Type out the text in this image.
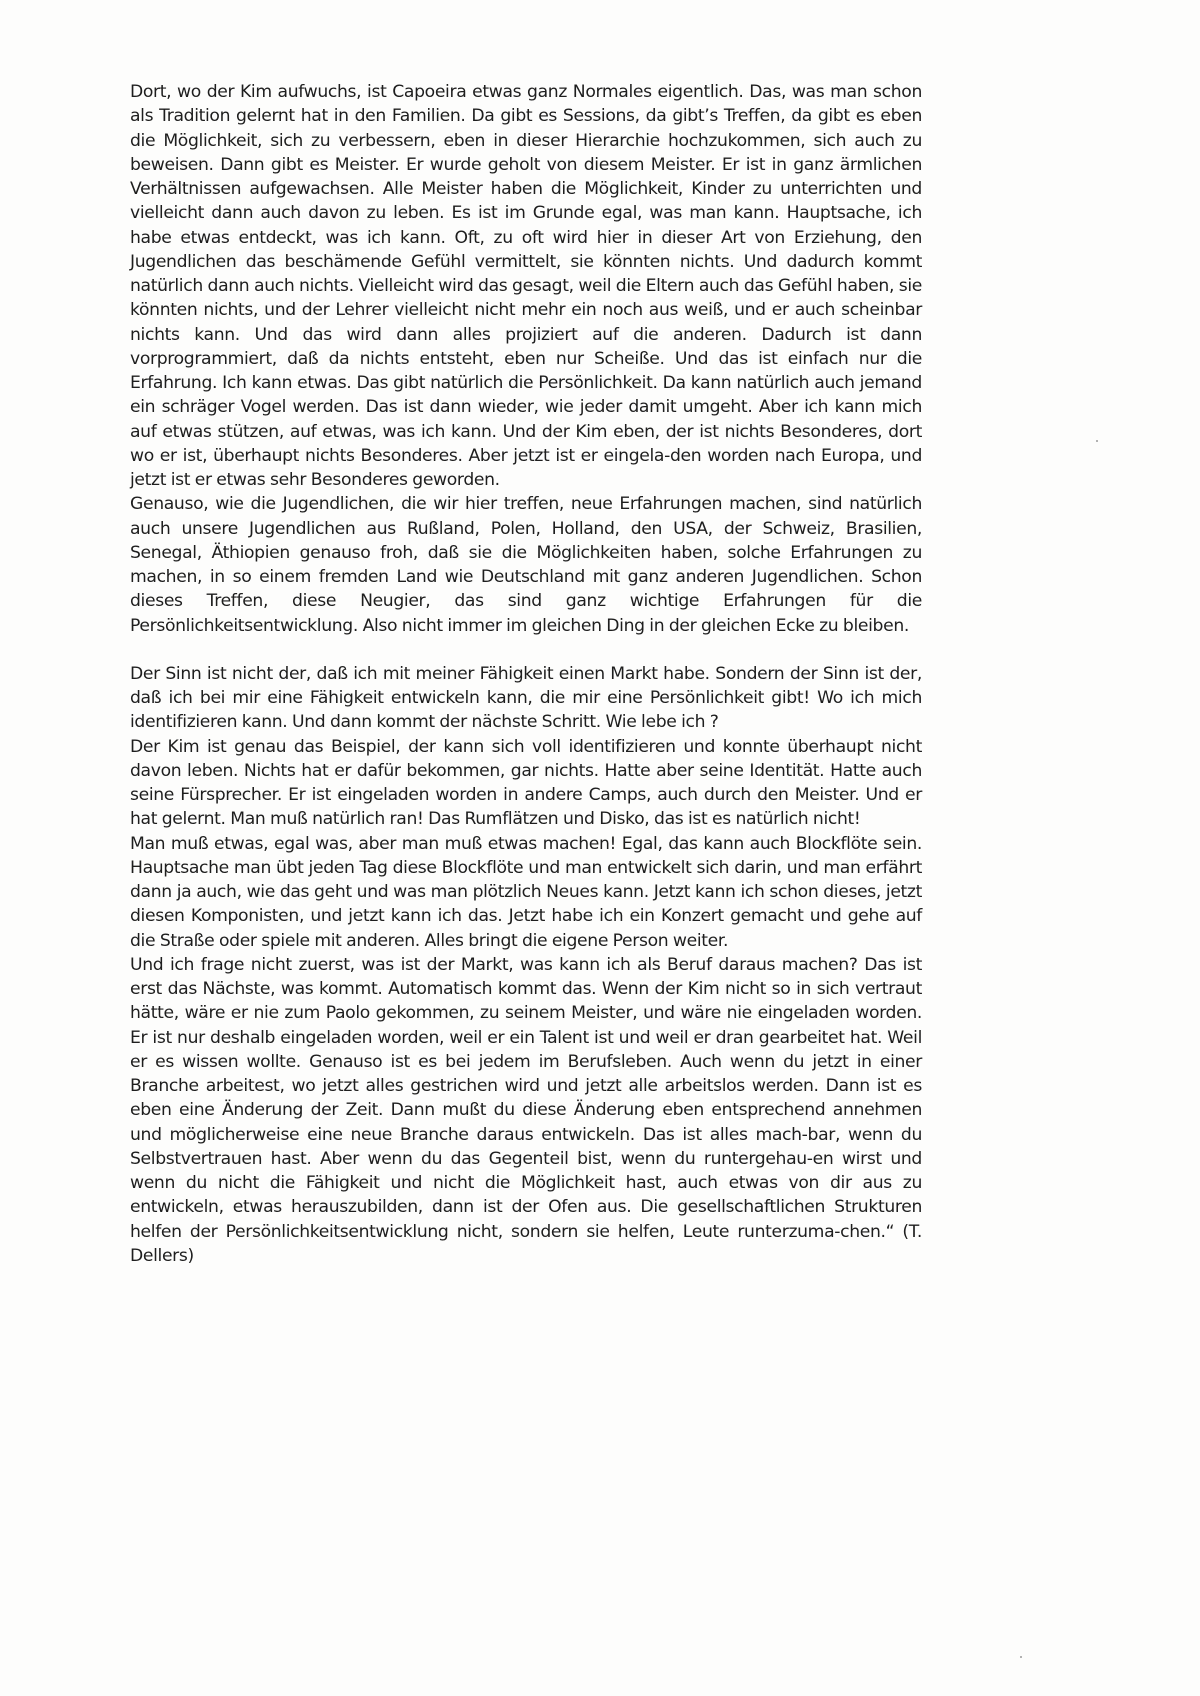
Dort, wo der Kim aufwuchs, ist Capoeira etwas ganz Normales eigentlich. Das, was man schon als Tradition gelernt hat in den Familien. Da gibt es Sessions, da gibt’s Treffen, da gibt es eben die Möglichkeit, sich zu verbessern, eben in dieser Hierarchie hochzukommen, sich auch zu beweisen. Dann gibt es Meister. Er wurde geholt von diesem Meister. Er ist in ganz ärmlichen Verhältnissen aufgewachsen. Alle Meister haben die Möglichkeit, Kinder zu unterrichten und vielleicht dann auch davon zu leben. Es ist im Grunde egal, was man kann. Hauptsache, ich habe etwas entdeckt, was ich kann. Oft, zu oft wird hier in dieser Art von Erziehung, den Jugendlichen das beschämende Gefühl vermittelt, sie könnten nichts. Und dadurch kommt natürlich dann auch nichts. Vielleicht wird das gesagt, weil die Eltern auch das Gefühl haben, sie könnten nichts, und der Lehrer vielleicht nicht mehr ein noch aus weiß, und er auch scheinbar nichts kann. Und das wird dann alles projiziert auf die anderen. Dadurch ist dann vorprogrammiert, daß da nichts entsteht, eben nur Scheiße. Und das ist einfach nur die Erfahrung. Ich kann etwas. Das gibt natürlich die Persönlichkeit. Da kann natürlich auch jemand ein schräger Vogel werden. Das ist dann wieder, wie jeder damit umgeht. Aber ich kann mich auf etwas stützen, auf etwas, was ich kann. Und der Kim eben, der ist nichts Besonderes, dort wo er ist, überhaupt nichts Besonderes. Aber jetzt ist er eingela-den worden nach Europa, und jetzt ist er etwas sehr Besonderes geworden.

Genauso, wie die Jugendlichen, die wir hier treffen, neue Erfahrungen machen, sind natürlich auch unsere Jugendlichen aus Rußland, Polen, Holland, den USA, der Schweiz, Brasilien, Senegal, Äthiopien genauso froh, daß sie die Möglichkeiten haben, solche Erfahrungen zu machen, in so einem fremden Land wie Deutschland mit ganz anderen Jugendlichen. Schon dieses Treffen, diese Neugier, das sind ganz wichtige Erfahrungen für die Persönlichkeitsentwicklung. Also nicht immer im gleichen Ding in der gleichen Ecke zu bleiben.

Der Sinn ist nicht der, daß ich mit meiner Fähigkeit einen Markt habe. Sondern der Sinn ist der, daß ich bei mir eine Fähigkeit entwickeln kann, die mir eine Persönlichkeit gibt! Wo ich mich identifizieren kann. Und dann kommt der nächste Schritt. Wie lebe ich ?

Der Kim ist genau das Beispiel, der kann sich voll identifizieren und konnte überhaupt nicht davon leben. Nichts hat er dafür bekommen, gar nichts. Hatte aber seine Identität. Hatte auch seine Fürsprecher. Er ist eingeladen worden in andere Camps, auch durch den Meister. Und er hat gelernt. Man muß natürlich ran! Das Rumflätzen und Disko, das ist es natürlich nicht!

Man muß etwas, egal was, aber man muß etwas machen! Egal, das kann auch Blockflöte sein. Hauptsache man übt jeden Tag diese Blockflöte und man entwickelt sich darin, und man erfährt dann ja auch, wie das geht und was man plötzlich Neues kann. Jetzt kann ich schon dieses, jetzt diesen Komponisten, und jetzt kann ich das. Jetzt habe ich ein Konzert gemacht und gehe auf die Straße oder spiele mit anderen. Alles bringt die eigene Person weiter.

Und ich frage nicht zuerst, was ist der Markt, was kann ich als Beruf daraus machen? Das ist erst das Nächste, was kommt. Automatisch kommt das. Wenn der Kim nicht so in sich vertraut hätte, wäre er nie zum Paolo gekommen, zu seinem Meister, und wäre nie eingeladen worden. Er ist nur deshalb eingeladen worden, weil er ein Talent ist und weil er dran gearbeitet hat. Weil er es wissen wollte. Genauso ist es bei jedem im Berufsleben. Auch wenn du jetzt in einer Branche arbeitest, wo jetzt alles gestrichen wird und jetzt alle arbeitslos werden. Dann ist es eben eine Änderung der Zeit. Dann mußt du diese Änderung eben entsprechend annehmen und möglicherweise eine neue Branche daraus entwickeln. Das ist alles mach-bar, wenn du Selbstvertrauen hast. Aber wenn du das Gegenteil bist, wenn du runtergehau-en wirst und wenn du nicht die Fähigkeit und nicht die Möglichkeit hast, auch etwas von dir aus zu entwickeln, etwas herauszubilden, dann ist der Ofen aus. Die gesellschaftlichen Strukturen helfen der Persönlichkeitsentwicklung nicht, sondern sie helfen, Leute runterzuma-chen.“ (T. Dellers)
